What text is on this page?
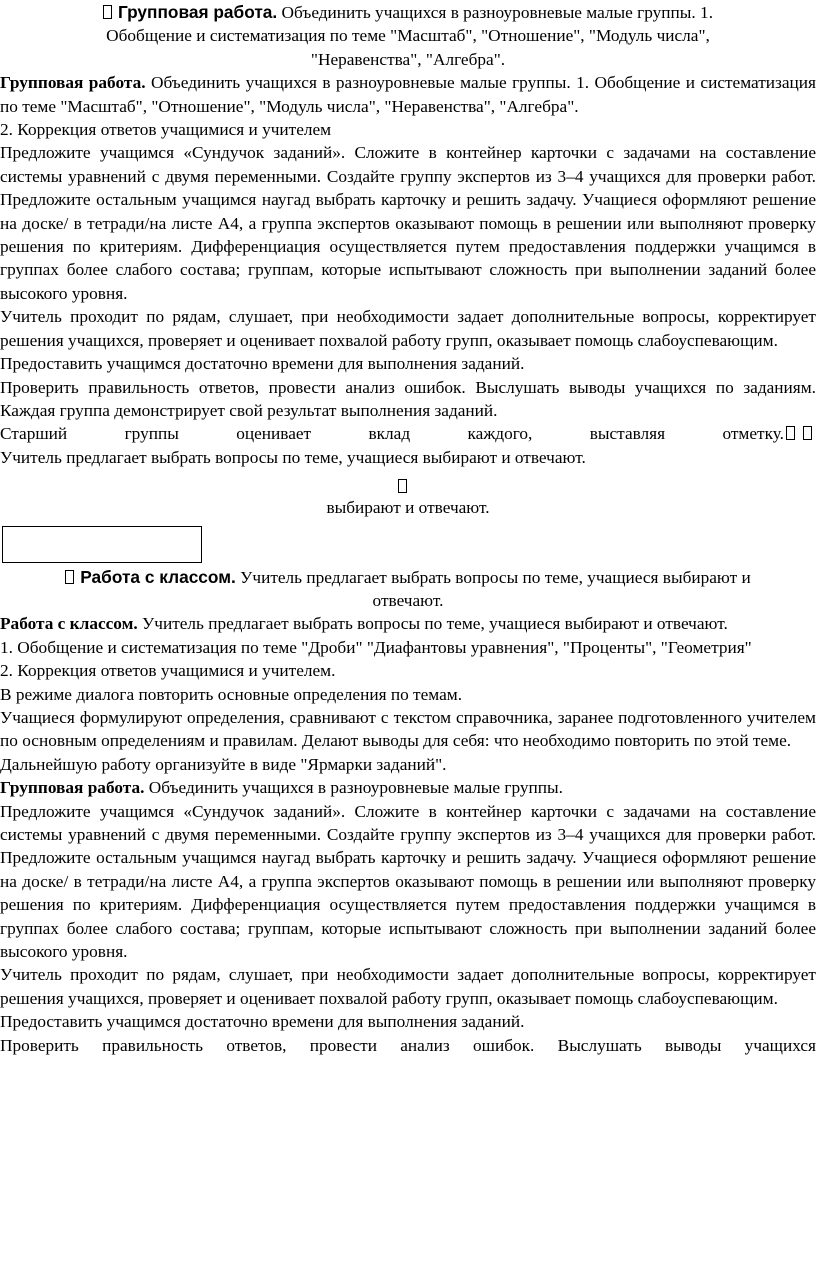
Групповая работа. Объединить учащихся в разноуровневые малые группы. 1.
Обобщение и систематизация по теме "Масштаб", "Отношение", "Модуль числа",
"Неравенства", "Алгебра".

Групповая работа. Объединить учащихся в разноуровневые малые группы. 1. Обобщение и систематизация по теме "Масштаб", "Отношение", "Модуль числа", "Неравенства", "Алгебра".

2. Коррекция ответов учащимися и учителем

Предложите учащимся «Сундучок заданий». Сложите в контейнер карточки с задачами на составление системы уравнений с двумя переменными. Создайте группу экспертов из 3–4 учащихся для проверки работ. Предложите остальным учащимся наугад выбрать карточку и решить задачу. Учащиеся оформляют решение на доске/ в тетради/на листе А4, а группа экспертов оказывают помощь в решении или выполняют проверку решения по критериям. Дифференциация осуществляется путем предоставления поддержки учащимся в группах более слабого состава; группам, которые испытывают сложность при выполнении заданий более высокого уровня.

Учитель проходит по рядам, слушает, при необходимости задает дополнительные вопросы, корректирует решения учащихся, проверяет и оценивает похвалой работу групп, оказывает помощь слабоуспевающим.

Предоставить учащимся достаточно времени для выполнения заданий.

Проверить правильность ответов, провести анализ ошибок. Выслушать выводы учащихся по заданиям. Каждая группа демонстрирует свой результат выполнения заданий.

Старший	группы	оценивает	вклад	каждого,	выставляя	отметку.

Учитель предлагает выбрать вопросы по теме, учащиеся выбирают и отвечают.

выбирают и отвечают.

Работа с классом. Учитель предлагает выбрать вопросы по теме, учащиеся выбирают и
отвечают.

Работа с классом. Учитель предлагает выбрать вопросы по теме, учащиеся выбирают и отвечают.

1. Обобщение и систематизация по теме "Дроби" "Диафантовы уравнения", "Проценты", "Геометрия"

2. Коррекция ответов учащимися и учителем.

В режиме диалога повторить основные определения по темам.

Учащиеся формулируют определения, сравнивают с текстом справочника, заранее подготовленного учителем по основным определениям и правилам. Делают выводы для себя: что необходимо повторить по этой теме.

Дальнейшую работу организуйте в виде "Ярмарки заданий".

Групповая работа. Объединить учащихся в разноуровневые малые группы.

Предложите учащимся «Сундучок заданий». Сложите в контейнер карточки с задачами на составление системы уравнений с двумя переменными. Создайте группу экспертов из 3–4 учащихся для проверки работ. Предложите остальным учащимся наугад выбрать карточку и решить задачу. Учащиеся оформляют решение на доске/ в тетради/на листе А4, а группа экспертов оказывают помощь в решении или выполняют проверку решения по критериям. Дифференциация осуществляется путем предоставления поддержки учащимся в группах более слабого состава; группам, которые испытывают сложность при выполнении заданий более высокого уровня.

Учитель проходит по рядам, слушает, при необходимости задает дополнительные вопросы, корректирует решения учащихся, проверяет и оценивает похвалой работу групп, оказывает помощь слабоуспевающим.

Предоставить учащимся достаточно времени для выполнения заданий.

Проверить правильность ответов, провести анализ ошибок. Выслушать выводы учащихся
